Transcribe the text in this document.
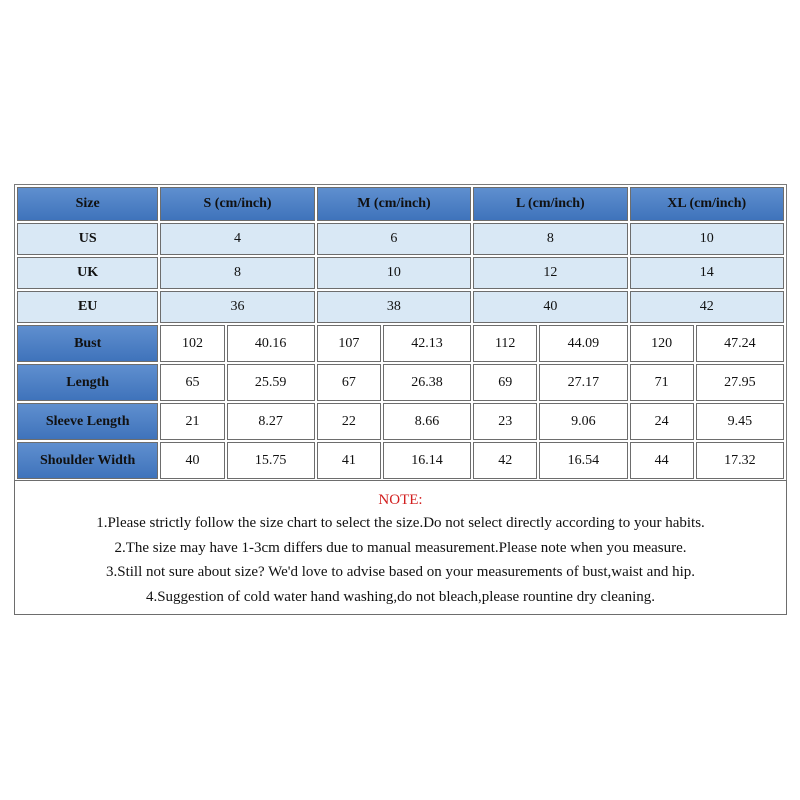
Size	S (cm/inch)		M (cm/inch)		L (cm/inch)		XL (cm/inch)	
US	4		6		8		10	
UK	8		10		12		14	
EU	36		38		40		42	
Bust	102	40.16	107	42.13	112	44.09	120	47.24
Length	65	25.59	67	26.38	69	27.17	71	27.95
Sleeve Length	21	8.27	22	8.66	23	9.06	24	9.45
Shoulder Width	40	15.75	41	16.14	42	16.54	44	17.32
NOTE:
1.Please strictly follow the size chart to select the size.Do not select directly according to your habits.
2.The size may have 1-3cm differs due to manual measurement.Please note when you measure.
3.Still not sure about size? We'd love to advise based on your measurements of bust,waist and hip.
4.Suggestion of cold water hand washing,do not bleach,please rountine dry cleaning.
